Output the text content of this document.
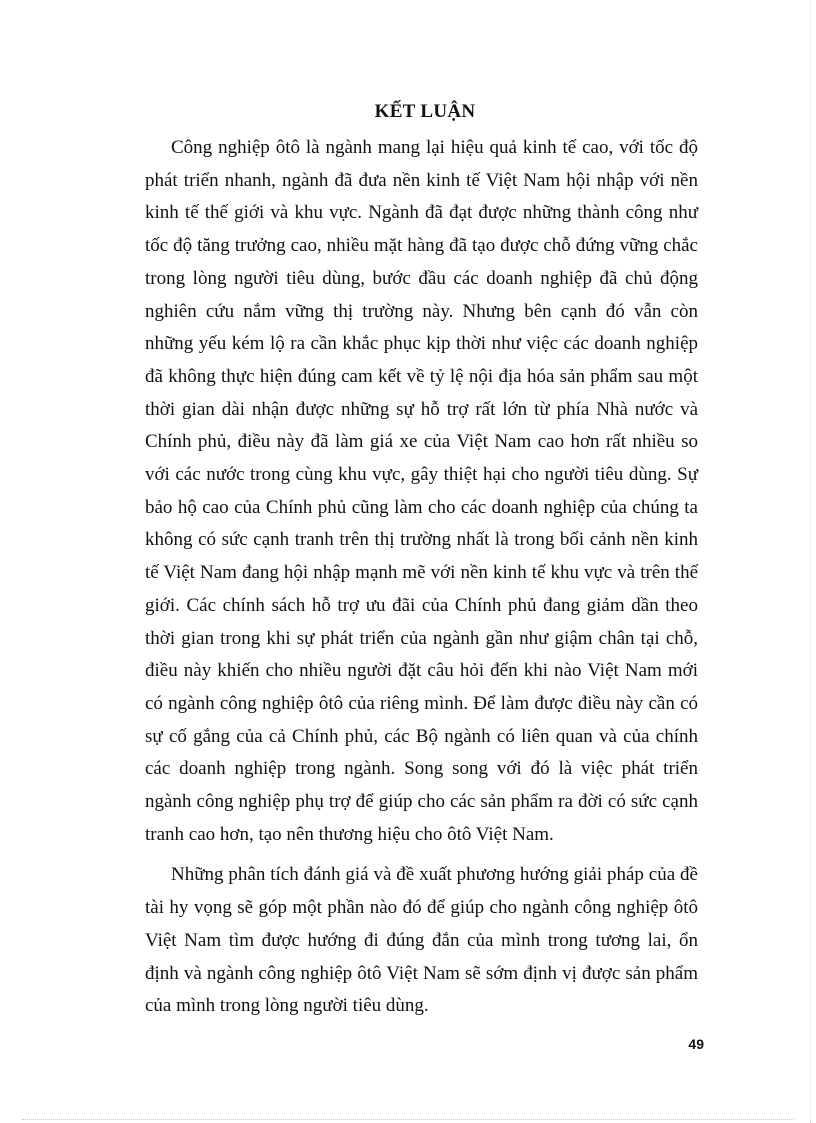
KẾT LUẬN

Công nghiệp ôtô là ngành mang lại hiệu quả kinh tế cao, với tốc độ phát triển nhanh, ngành đã đưa nền kinh tế Việt Nam hội nhập với nền kinh tế thế giới và khu vực. Ngành đã đạt được những thành công như tốc độ tăng trưởng cao, nhiều mặt hàng đã tạo được chỗ đứng vững chắc trong lòng người tiêu dùng, bước đầu các doanh nghiệp đã chủ động nghiên cứu nắm vững thị trường này. Nhưng bên cạnh đó vẫn còn những yếu kém lộ ra cần khắc phục kịp thời như việc các doanh nghiệp đã không thực hiện đúng cam kết về tỷ lệ nội địa hóa sản phẩm sau một thời gian dài nhận được những sự hỗ trợ rất lớn từ phía Nhà nước và Chính phủ, điều này đã làm giá xe của Việt Nam cao hơn rất nhiều so với các nước trong cùng khu vực, gây thiệt hại cho người tiêu dùng. Sự bảo hộ cao của Chính phủ cũng làm cho các doanh nghiệp của chúng ta không có sức cạnh tranh trên thị trường nhất là trong bối cảnh nền kinh tế Việt Nam đang hội nhập mạnh mẽ với nền kinh tế khu vực và trên thế giới. Các chính sách hỗ trợ ưu đãi của Chính phủ đang giảm dần theo thời gian trong khi sự phát triển của ngành gần như giậm chân tại chỗ, điều này khiến cho nhiều người đặt câu hỏi đến khi nào Việt Nam mới có ngành công nghiệp ôtô của riêng mình. Để làm được điều này cần có sự cố gắng của cả Chính phủ, các Bộ ngành có liên quan và của chính các doanh nghiệp trong ngành. Song song với đó là việc phát triển ngành công nghiệp phụ trợ để giúp cho các sản phẩm ra đời có sức cạnh tranh cao hơn, tạo nên thương hiệu cho ôtô Việt Nam.

Những phân tích đánh giá và đề xuất phương hướng giải pháp của đề tài hy vọng sẽ góp một phần nào đó để giúp cho ngành công nghiệp ôtô Việt Nam tìm được hướng đi đúng đắn của mình trong tương lai, ổn định và ngành công nghiệp ôtô Việt Nam sẽ sớm định vị được sản phẩm của mình trong lòng người tiêu dùng.

49
